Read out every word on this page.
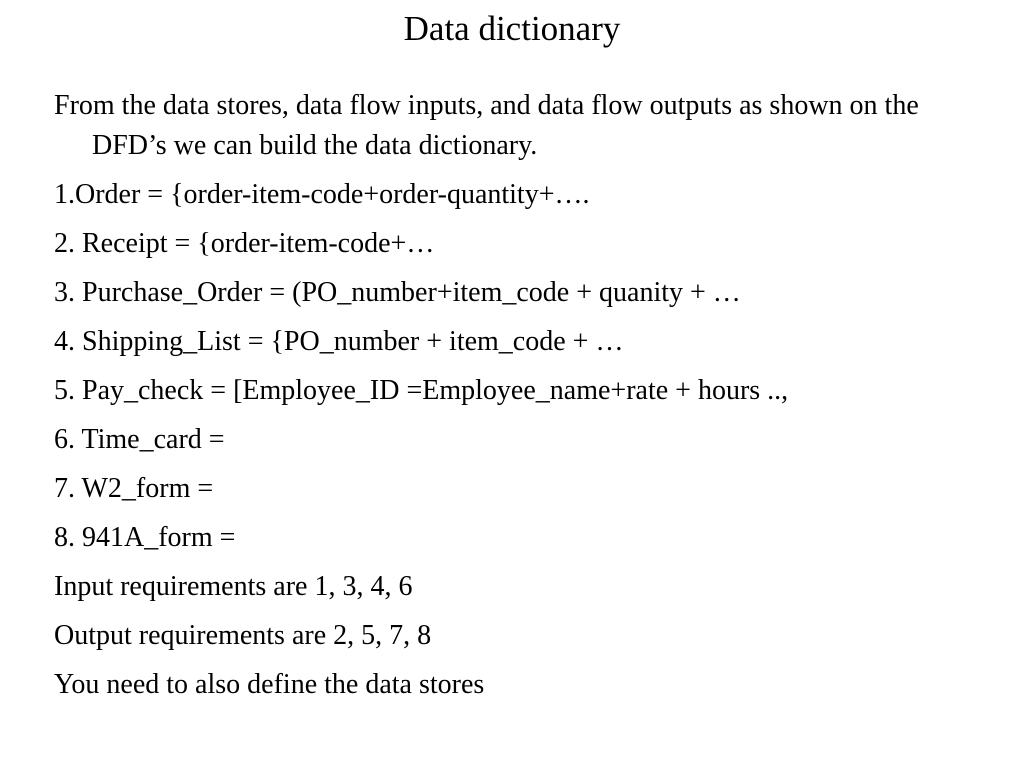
Data dictionary
From the data stores, data flow inputs, and data flow outputs as shown on the DFD’s we can build the data dictionary.
1.Order = {order-item-code+order-quantity+….
2. Receipt = {order-item-code+…
3. Purchase_Order = (PO_number+item_code + quanity + …
4. Shipping_List = {PO_number + item_code + …
5. Pay_check = [Employee_ID =Employee_name+rate + hours ..,
6. Time_card =
7. W2_form =
8. 941A_form =
Input requirements are 1, 3, 4, 6
Output requirements are 2, 5, 7, 8
You need to also define the data stores
